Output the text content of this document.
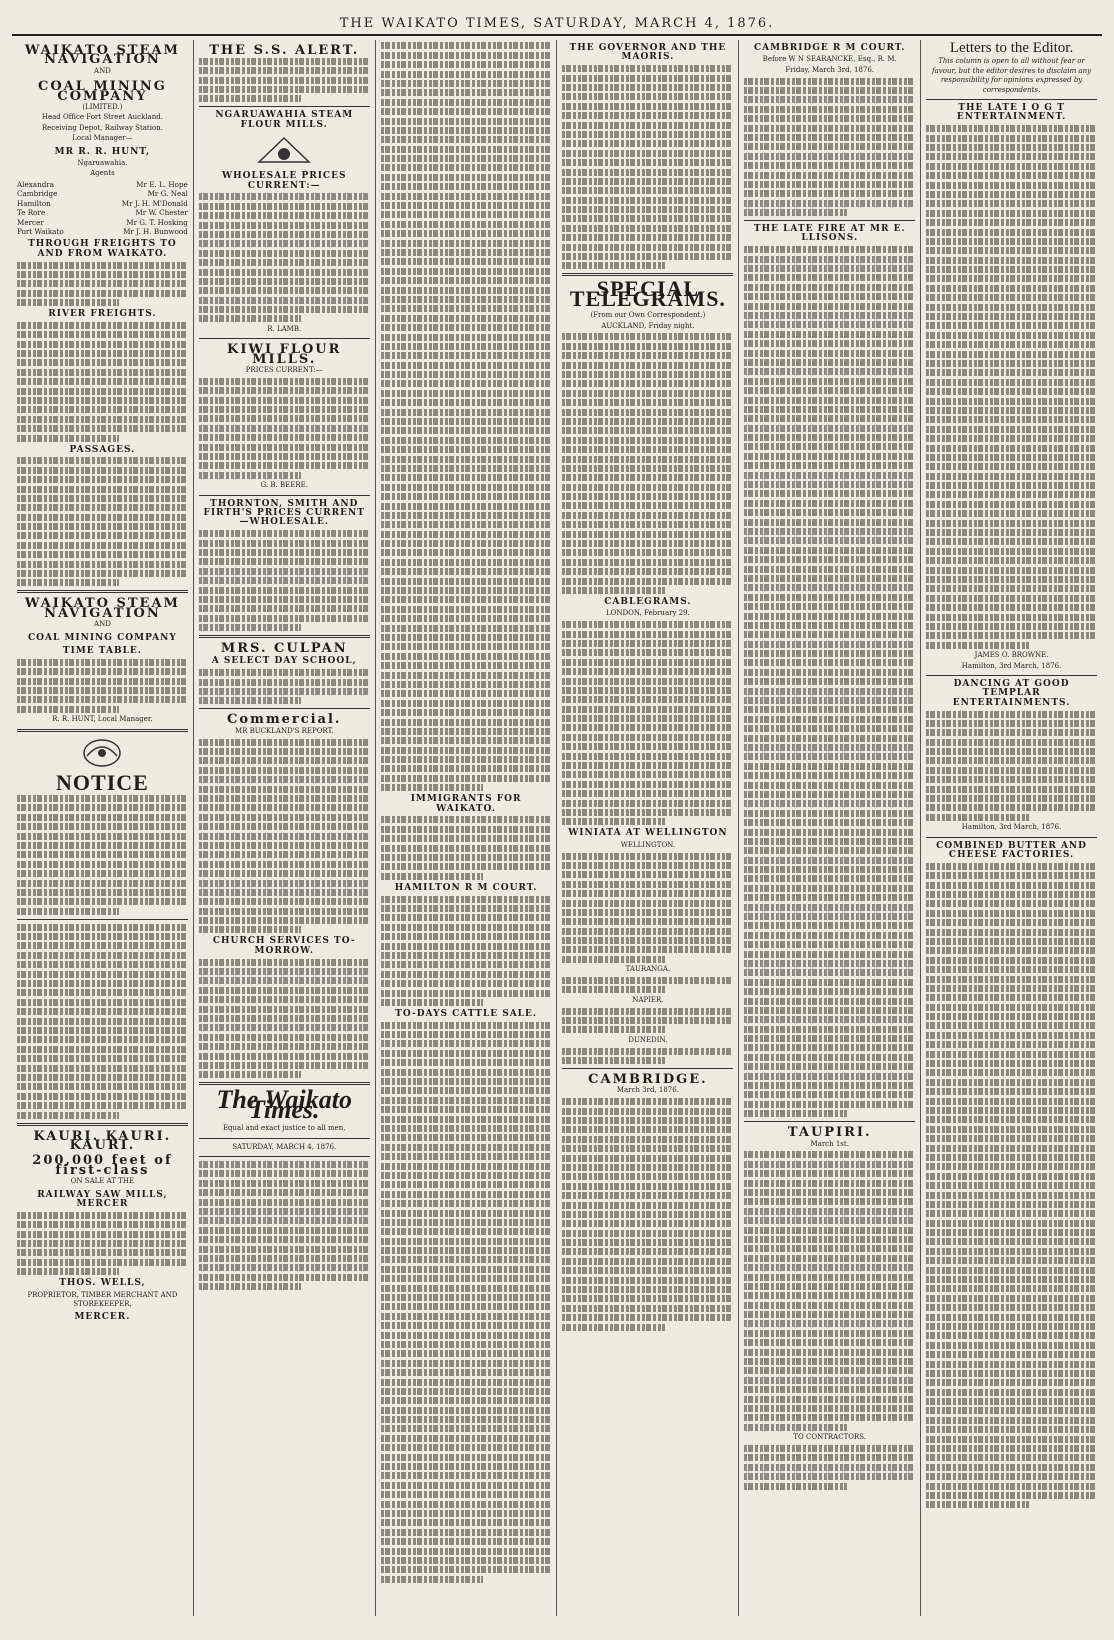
THE WAIKATO TIMES, SATURDAY, MARCH 4, 1876.
WAIKATO STEAM NAVIGATION
AND
COAL MINING COMPANY
(LIMITED.)
Head Office Fort Street Auckland.
Receiving Depot, Railway Station.
Local Manager—
MR R. R. HUNT,
Ngaruawahia.
Agents
Alexandra	Mr E. L. Hope
Cambridge	Mr G. Neal
Hamilton	Mr J. H. M'Donald
Te Rore	Mr W. Chester
Mercer	Mr G. T. Hosking
Port Waikato	Mr J. H. Bunwood
THROUGH FREIGHTS TO AND FROM WAIKATO.
RIVER FREIGHTS.
PASSAGES.
WAIKATO STEAM NAVIGATION
AND
COAL MINING COMPANY
TIME TABLE.
R. R. HUNT, Local Manager.
NOTICE
KAURI. KAURI. KAURI.
200,000 feet of first-class
ON SALE AT THE
RAILWAY SAW MILLS, MERCER
THOS. WELLS,
PROPRIETOR, TIMBER MERCHANT AND STOREKEEPER,
MERCER.
THE S.S. ALERT.
NGARUAWAHIA STEAM FLOUR MILLS.
WHOLESALE PRICES CURRENT:—
R. LAMB.
KIWI FLOUR MILLS.
PRICES CURRENT:—
G. B. BEERE.
THORNTON, SMITH AND FIRTH'S PRICES CURRENT—WHOLESALE.
MRS. CULPAN
A SELECT DAY SCHOOL,
Commercial.
MR BUCKLAND'S REPORT.
CHURCH SERVICES TO-MORROW.
The Waikato Times.
Equal and exact justice to all men,
SATURDAY, MARCH 4, 1876.
IMMIGRANTS FOR WAIKATO.
HAMILTON R M COURT.
TO-DAYS CATTLE SALE.
THE GOVERNOR AND THE MAORIS.
SPECIAL TELEGRAMS.
(From our Own Correspondent.)
AUCKLAND, Friday night.
CABLEGRAMS.
LONDON, February 29.
WINIATA AT WELLINGTON
WELLINGTON.
TAURANGA.
NAPIER.
DUNEDIN.
CAMBRIDGE.
March 3rd, 1876.
CAMBRIDGE R M COURT.
Before W N SEARANCKE, Esq., R. M.
Friday, March 3rd, 1876.
THE LATE FIRE AT MR E. LLISONS.
TAUPIRI.
March 1st.
TO CONTRACTORS.
Letters to the Editor.
This column is open to all without fear or favour, but the editor desires to disclaim any responsibility for opinions expressed by correspondents.
THE LATE I O G T ENTERTAINMENT.
JAMES O. BROWNE.
Hamilton, 3rd March, 1876.
DANCING AT GOOD TEMPLAR ENTERTAINMENTS.
Hamilton, 3rd March, 1876.
COMBINED BUTTER AND CHEESE FACTORIES.
